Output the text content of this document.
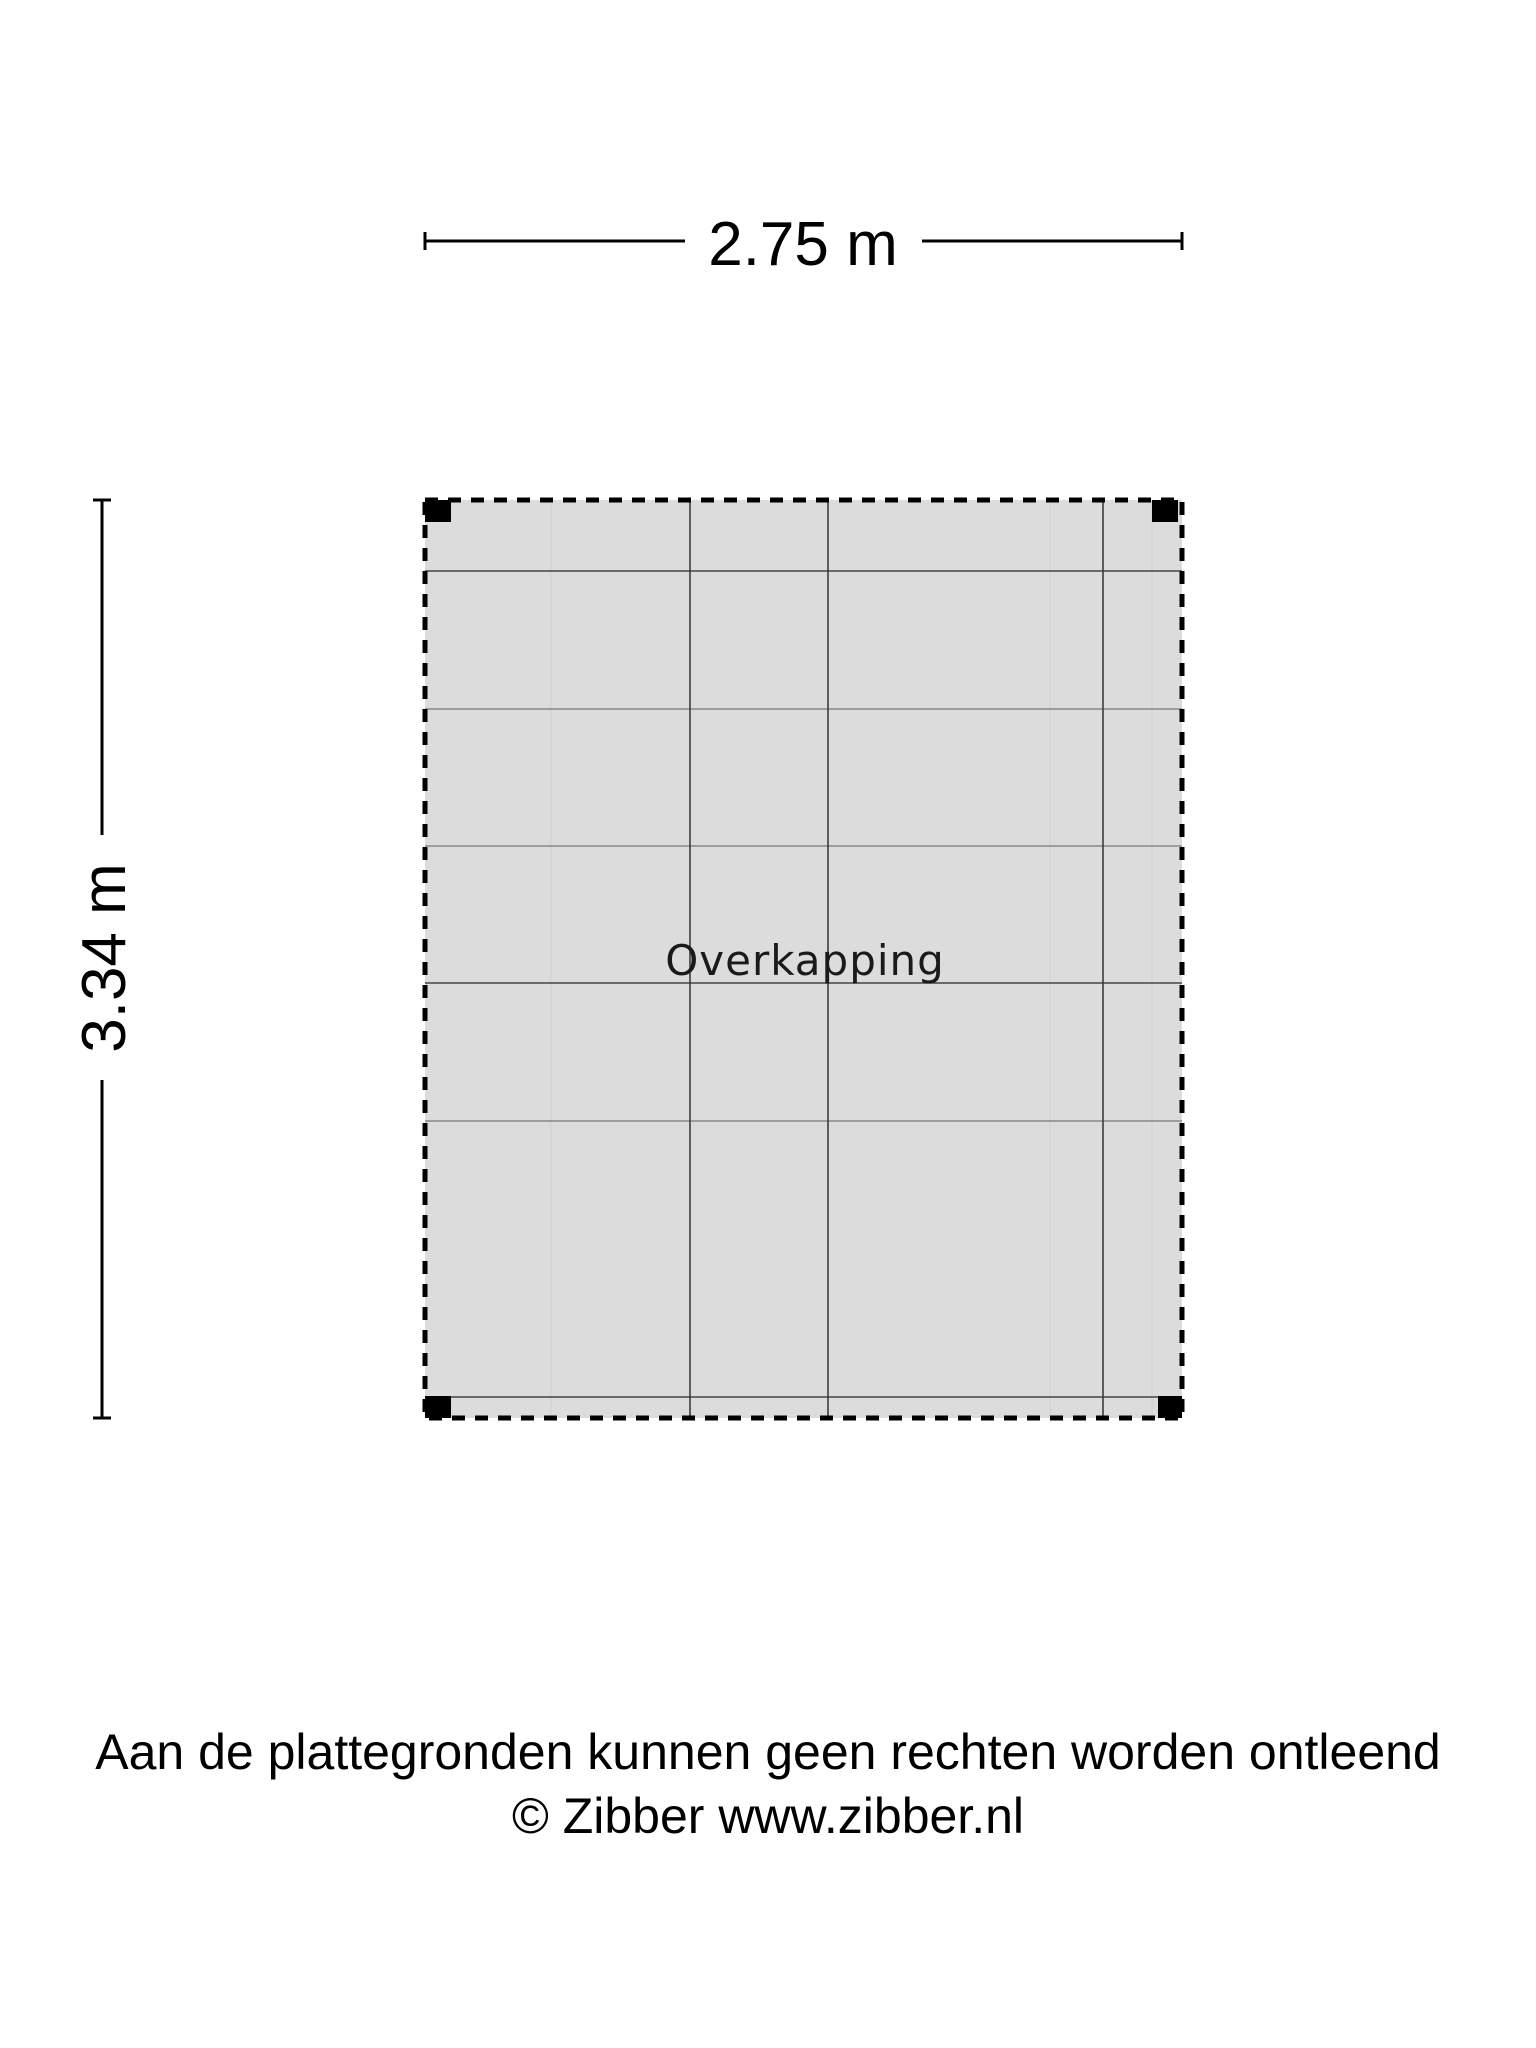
2.75 m
3.34 m	Overkapping
Aan de plattegronden kunnen geen rechten worden ontleend
© Zibber www.zibber.nl
